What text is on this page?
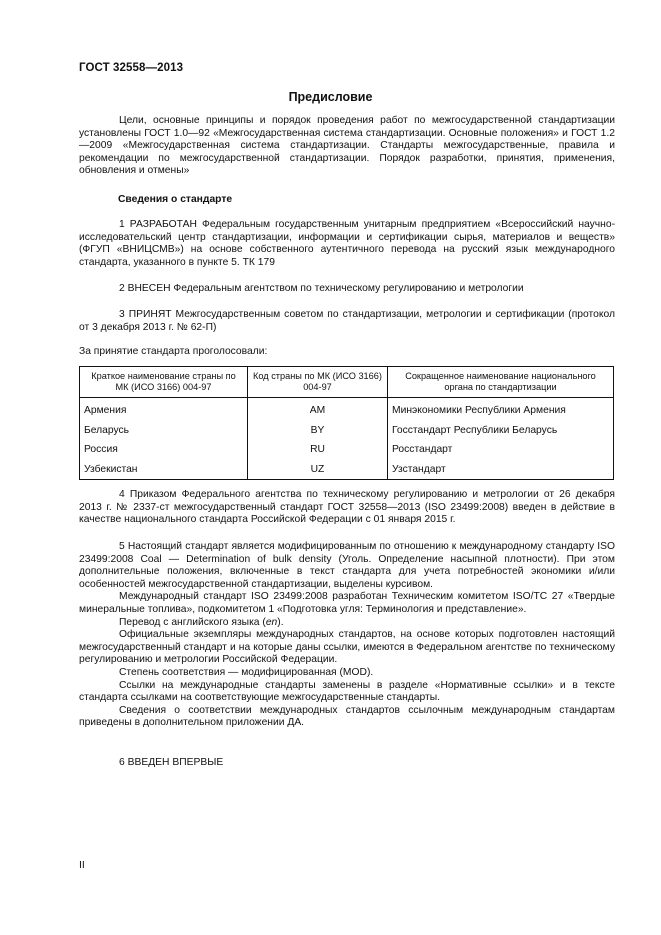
ГОСТ 32558—2013
Предисловие
Цели, основные принципы и порядок проведения работ по межгосударственной стандартизации установлены ГОСТ 1.0—92 «Межгосударственная система стандартизации. Основные положения» и ГОСТ 1.2—2009 «Межгосударственная система стандартизации. Стандарты межгосударственные, правила и рекомендации по межгосударственной стандартизации. Порядок разработки, принятия, применения, обновления и отмены»
Сведения о стандарте
1 РАЗРАБОТАН Федеральным государственным унитарным предприятием «Всероссийский научно-исследовательский центр стандартизации, информации и сертификации сырья, материалов и веществ» (ФГУП «ВНИЦСМВ») на основе собственного аутентичного перевода на русский язык международного стандарта, указанного в пункте 5. ТК 179
2 ВНЕСЕН Федеральным агентством по техническому регулированию и метрологии
3 ПРИНЯТ Межгосударственным советом по стандартизации, метрологии и сертификации (протокол от 3 декабря 2013 г. № 62-П)
За принятие стандарта проголосовали:
Краткое наименование страны по МК (ИСО 3166) 004-97	Код страны по МК (ИСО 3166) 004-97	Сокращенное наименование национального органа по стандартизации
Армения	AM	Минэкономики Республики Армения
Беларусь	BY	Госстандарт Республики Беларусь
Россия	RU	Росстандарт
Узбекистан	UZ	Узстандарт
4 Приказом Федерального агентства по техническому регулированию и метрологии от 26 декабря 2013 г. № 2337-ст межгосударственный стандарт ГОСТ 32558—2013 (ISO 23499:2008) введен в действие в качестве национального стандарта Российской Федерации с 01 января 2015 г.
5 Настоящий стандарт является модифицированным по отношению к международному стандарту ISO 23499:2008 Coal — Determination of bulk density (Уголь. Определение насыпной плотности). При этом дополнительные положения, включенные в текст стандарта для учета потребностей экономики и/или особенностей межгосударственной стандартизации, выделены курсивом.
Международный стандарт ISO 23499:2008 разработан Техническим комитетом ISO/TC 27 «Твердые минеральные топлива», подкомитетом 1 «Подготовка угля: Терминология и представление».
Перевод с английского языка (en).
Официальные экземпляры международных стандартов, на основе которых подготовлен настоящий межгосударственный стандарт и на которые даны ссылки, имеются в Федеральном агентстве по техническому регулированию и метрологии Российской Федерации.
Степень соответствия — модифицированная (MOD).
Ссылки на международные стандарты заменены в разделе «Нормативные ссылки» и в тексте стандарта ссылками на соответствующие межгосударственные стандарты.
Сведения о соответствии международных стандартов ссылочным международным стандартам приведены в дополнительном приложении ДА.
6 ВВЕДЕН ВПЕРВЫЕ
II
